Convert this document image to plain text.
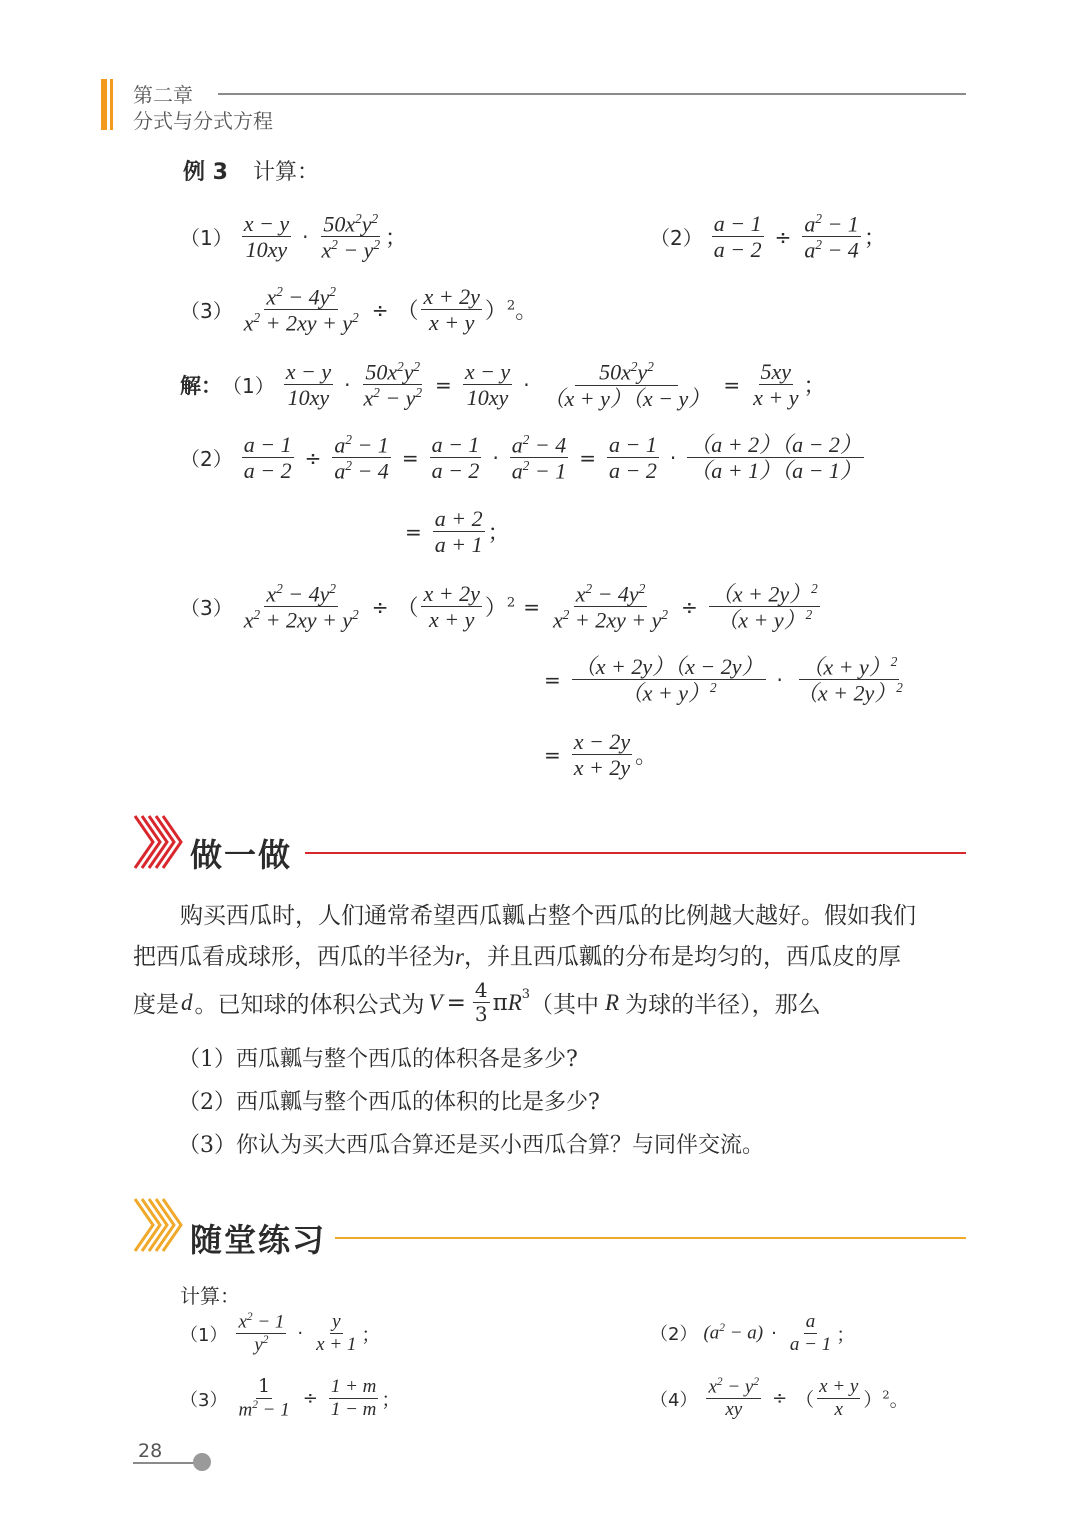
第二章
分式与分式方程
例 3 计算：
（1）
x − y
10xy
·
$50x^2y^2$
$x^2 - y^2$ ；	$(2) \frac{a - 1}{a - 2} \div \frac{a^2 - 1}{a^2 - 4}$ ；
$(3) \frac{x^2 - 4y^2}{x^2 + 2xy + y^2}$ ÷ （
x + 2y
x + y ）$^2$。
解： （1）
x − y
10xy
· $\frac{50x^2y^2}{x^2 - y^2} = \frac{x - y}{10xy} \cdot \frac{50x^2y^2}{(x + y)(x - y)} = \frac{5xy}{x + y}$ ；
$(2) \frac{a - 1}{a - 2} \div \frac{a^2 - 1}{a^2 - 4} = \frac{a - 1}{a - 2} \cdot \frac{a^2 - 4}{a^2 - 1} = \frac{a - 1}{a - 2}$ ·
（a + 2）（a − 2）
（a + 1）（a − 1）
= $\frac{a + 2}{a + 1}$ ；
$(3) \frac{x^2 - 4y^2}{x^2 + 2xy + y^2}$ ÷ （
x + 2y
x + y ）$^2 = \frac{x^2 - 4y^2}{x^2 + 2xy + y^2} \div \frac{(x + 2y)^2}{(x + y)^2}$
= $\frac{(x + 2y)(x - 2y)}{(x + y)^2}$ ·
$(x + y)^2$
$(x + 2y)^2$
= $\frac{x - 2y}{x + 2y}$ 。
做一做
购买西瓜时，人们通常希望西瓜瓤占整个西瓜的比例越大越好。假如我们
把西瓜看成球形，西瓜的半径为r，并且西瓜瓤的分布是均匀的，西瓜皮的厚
度是 d 。已知球的体积公式为 $V = \frac{4}{3}$ π $R^3$ （其中 R 为球的半径），那么
（1）西瓜瓤与整个西瓜的体积各是多少?
（2）西瓜瓤与整个西瓜的体积的比是多少?
（3）你认为买大西瓜合算还是买小西瓜合算？与同伴交流。
随堂练习
计算：
（1）
$x^2 - 1$
$y^2$ ·
y
x + 1 ；	（2） $(a^2 - a)$ ·
a
a − 1 ；
$(3) \frac{1}{m^2 - 1} \div \frac{1 + m}{1 - m}$ ；	$(4) \frac{x^2 - y^2}{xy}$ ÷ （
x + y
x ）$^2$。
28
